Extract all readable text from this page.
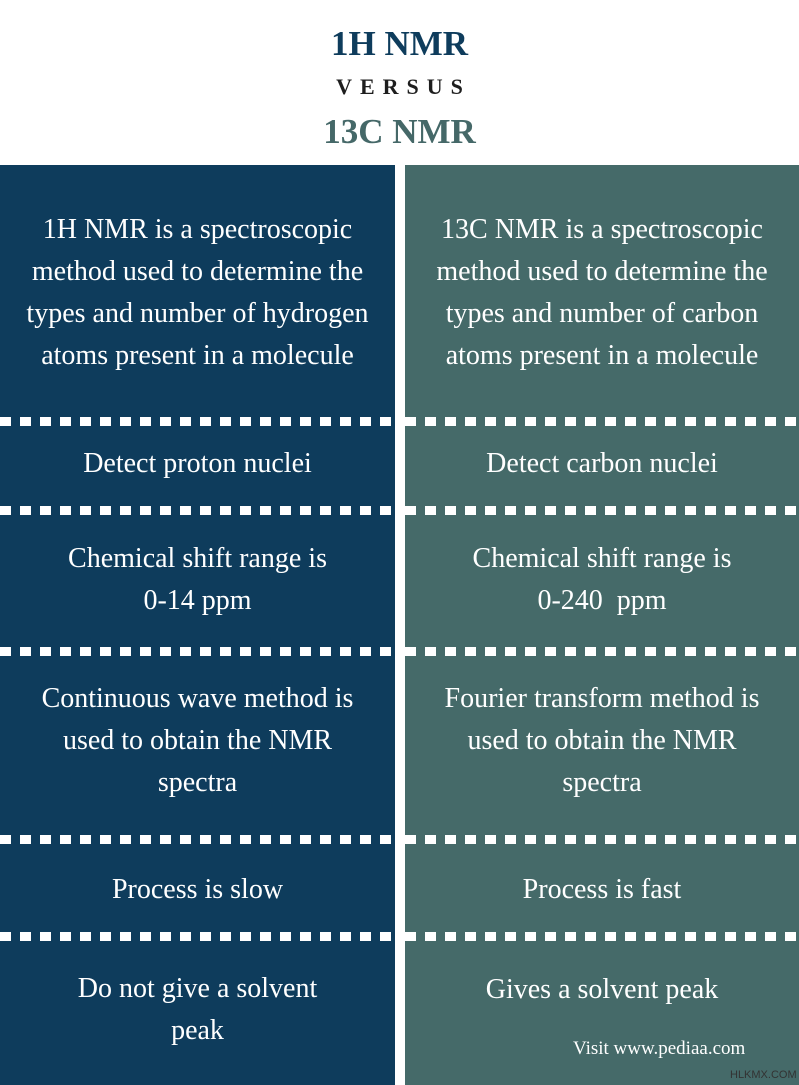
1H NMR
VERSUS
13C NMR
1H NMR is a spectroscopic method used to determine the types and number of hydrogen atoms present in a molecule
Detect proton nuclei
Chemical shift range is 0-14 ppm
Continuous wave method is used to obtain the NMR spectra
Process is slow
Do not give a solvent peak
13C NMR is a spectroscopic method used to determine the types and number of carbon atoms present in a molecule
Detect carbon nuclei
Chemical shift range is 0-240  ppm
Fourier transform method is used to obtain the NMR spectra
Process is fast
Gives a solvent peak
Visit www.pediaa.com
HLKMX.COM
